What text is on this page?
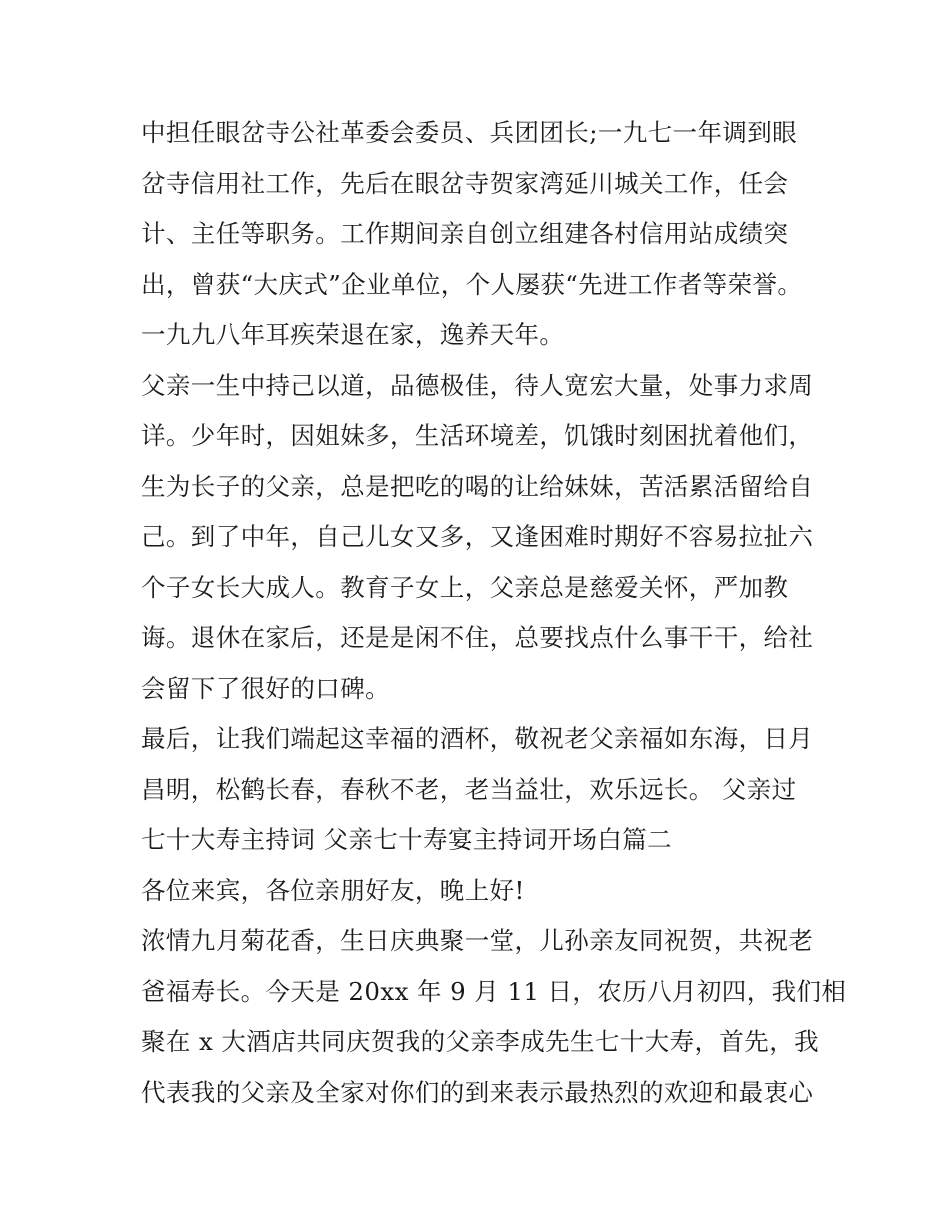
中担任眼岔寺公社革委会委员、兵团团长;一九七一年调到眼
岔寺信用社工作，先后在眼岔寺贺家湾延川城关工作，任会
计、主任等职务。工作期间亲自创立组建各村信用站成绩突
出，曾获“大庆式”企业单位，个人屡获“先进工作者等荣誉。
一九九八年耳疾荣退在家，逸养天年。
父亲一生中持己以道，品德极佳，待人宽宏大量，处事力求周
详。少年时，因姐妹多，生活环境差，饥饿时刻困扰着他们，
生为长子的父亲，总是把吃的喝的让给妹妹，苦活累活留给自
己。到了中年，自己儿女又多，又逢困难时期好不容易拉扯六
个子女长大成人。教育子女上，父亲总是慈爱关怀，严加教
诲。退休在家后，还是是闲不住，总要找点什么事干干，给社
会留下了很好的口碑。
最后，让我们端起这幸福的酒杯，敬祝老父亲福如东海，日月
昌明，松鹤长春，春秋不老，老当益壮，欢乐远长。 父亲过
七十大寿主持词 父亲七十寿宴主持词开场白篇二
各位来宾，各位亲朋好友，晚上好!
浓情九月菊花香，生日庆典聚一堂，儿孙亲友同祝贺，共祝老
爸福寿长。今天是 20xx 年 9 月 11 日，农历八月初四，我们相
聚在 x 大酒店共同庆贺我的父亲李成先生七十大寿，首先，我
代表我的父亲及全家对你们的到来表示最热烈的欢迎和最衷心
